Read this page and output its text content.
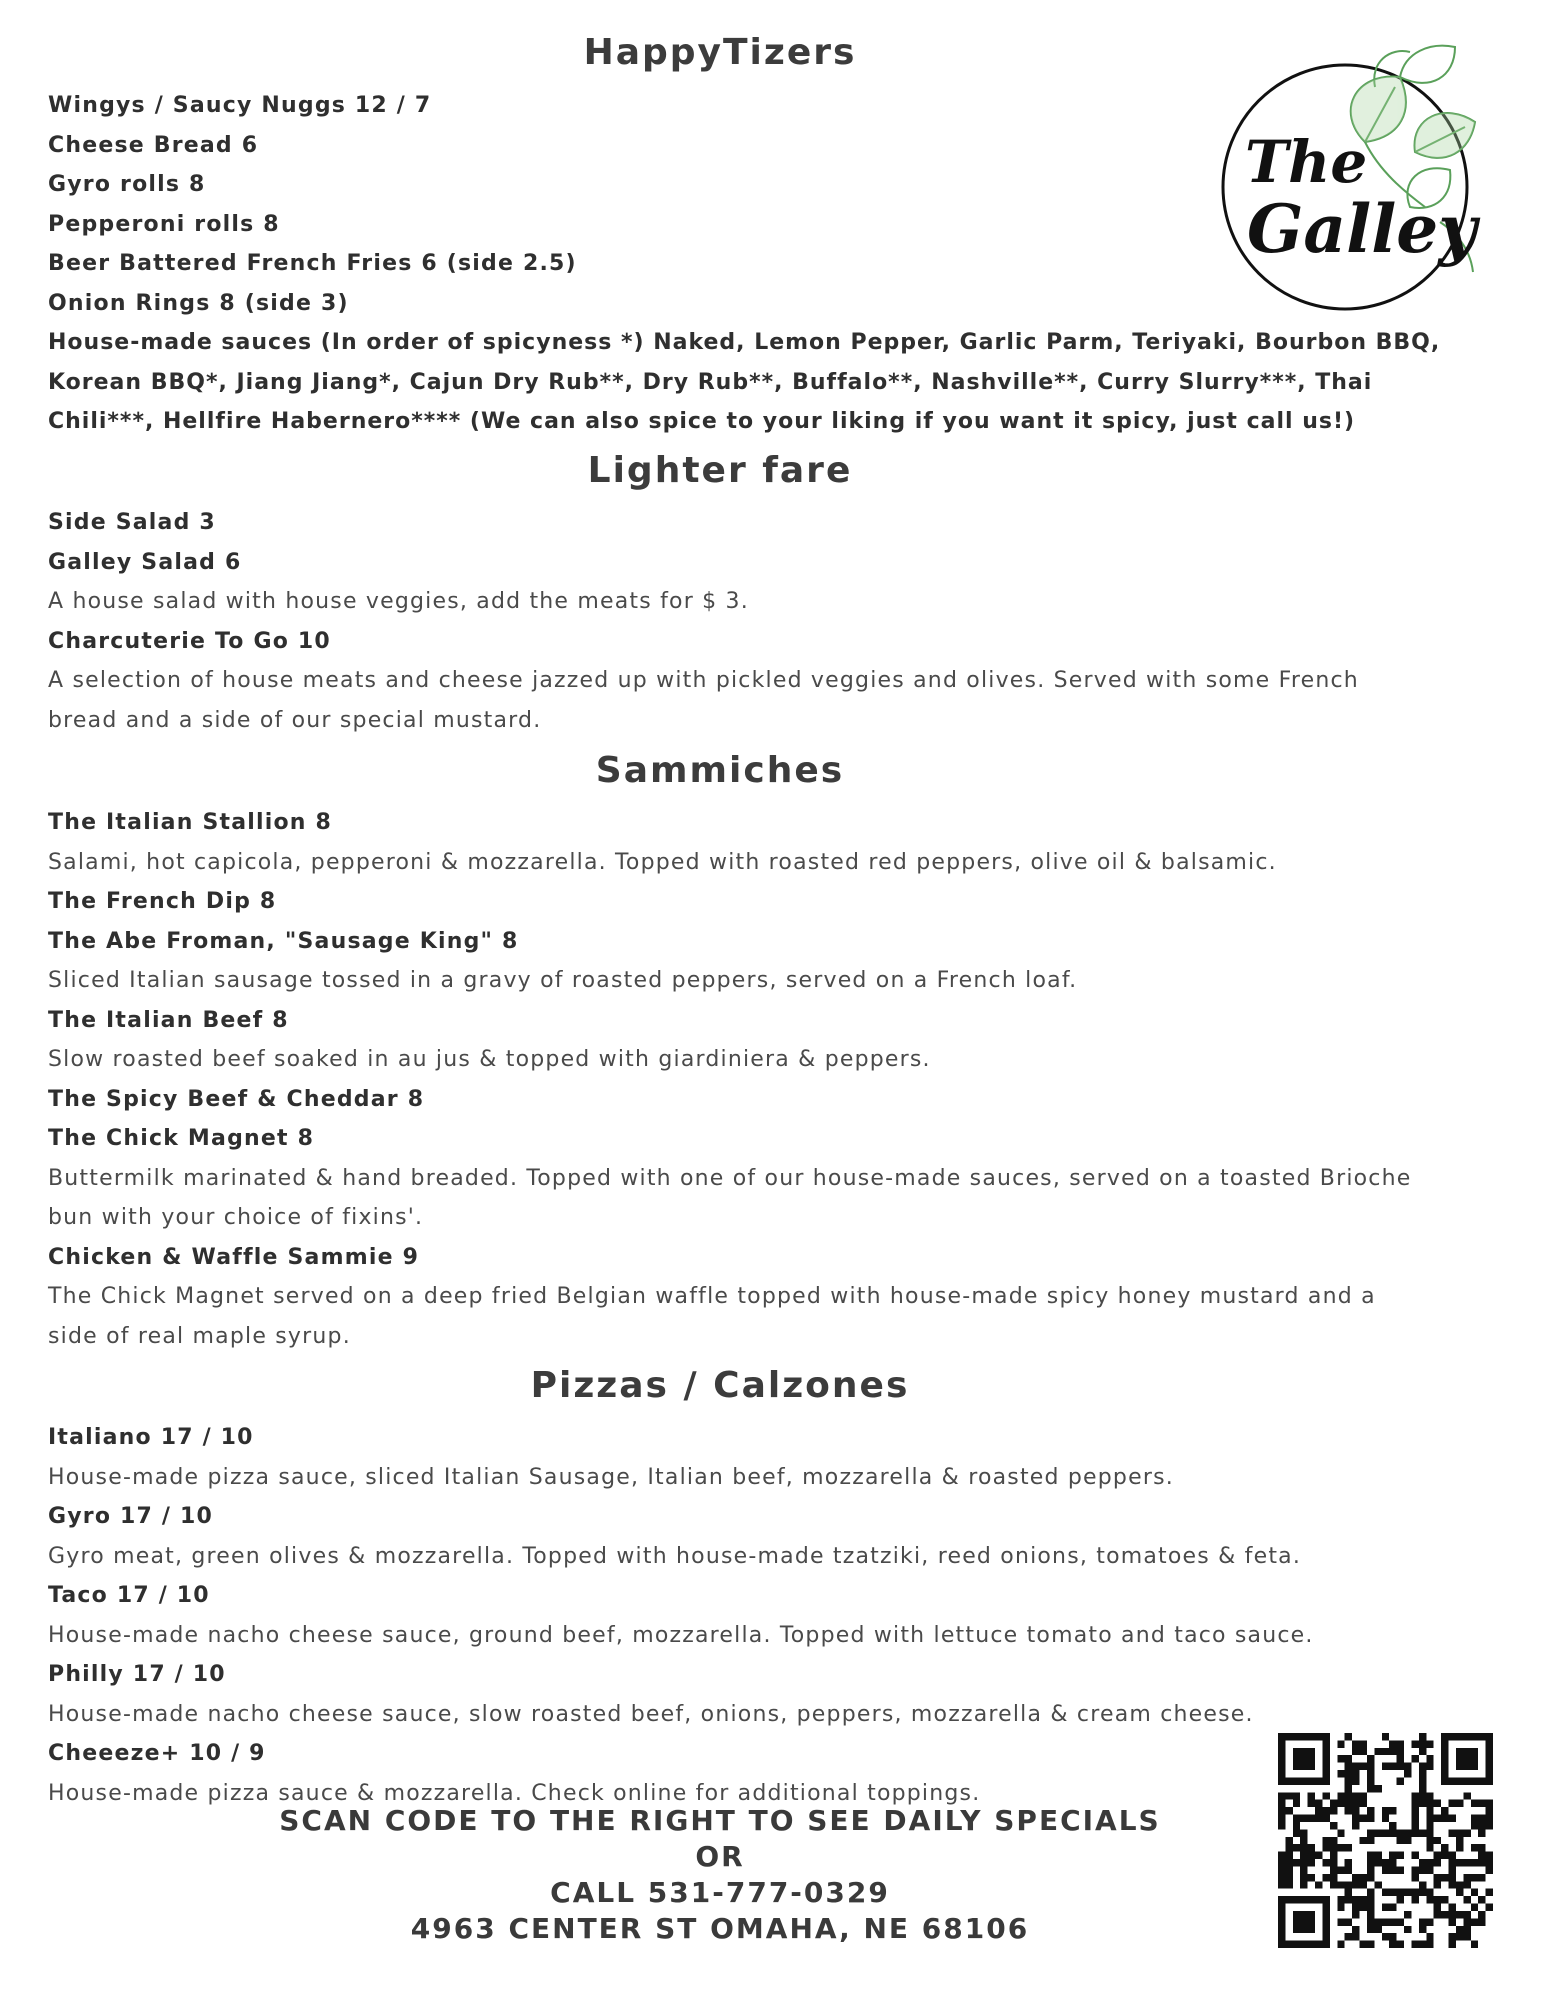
The
Galley
HappyTizers
Wingys / Saucy Nuggs 12 / 7
Cheese Bread 6
Gyro rolls 8
Pepperoni rolls 8
Beer Battered French Fries 6 (side 2.5)
Onion Rings 8 (side 3)
House-made sauces (In order of spicyness *) Naked, Lemon Pepper, Garlic Parm, Teriyaki, Bourbon BBQ,
Korean BBQ*, Jiang Jiang*, Cajun Dry Rub**, Dry Rub**, Buffalo**, Nashville**, Curry Slurry***, Thai
Chili***, Hellfire Habernero**** (We can also spice to your liking if you want it spicy, just call us!)
Lighter fare
Side Salad 3
Galley Salad 6
A house salad with house veggies, add the meats for $ 3.
Charcuterie To Go 10
A selection of house meats and cheese jazzed up with pickled veggies and olives. Served with some French
bread and a side of our special mustard.
Sammiches
The Italian Stallion 8
Salami, hot capicola, pepperoni & mozzarella. Topped with roasted red peppers, olive oil & balsamic.
The French Dip 8
The Abe Froman, "Sausage King" 8
Sliced Italian sausage tossed in a gravy of roasted peppers, served on a French loaf.
The Italian Beef 8
Slow roasted beef soaked in au jus & topped with giardiniera & peppers.
The Spicy Beef & Cheddar 8
The Chick Magnet 8
Buttermilk marinated & hand breaded. Topped with one of our house-made sauces, served on a toasted Brioche
bun with your choice of fixins'.
Chicken & Waffle Sammie 9
The Chick Magnet served on a deep fried Belgian waffle topped with house-made spicy honey mustard and a
side of real maple syrup.
Pizzas / Calzones
Italiano 17 / 10
House-made pizza sauce, sliced Italian Sausage, Italian beef, mozzarella & roasted peppers.
Gyro 17 / 10
Gyro meat, green olives & mozzarella. Topped with house-made tzatziki, reed onions, tomatoes & feta.
Taco 17 / 10
House-made nacho cheese sauce, ground beef, mozzarella. Topped with lettuce tomato and taco sauce.
Philly 17 / 10
House-made nacho cheese sauce, slow roasted beef, onions, peppers, mozzarella & cream cheese.
Cheeeze+ 10 / 9
House-made pizza sauce & mozzarella. Check online for additional toppings.
SCAN CODE TO THE RIGHT TO SEE DAILY SPECIALS
OR
CALL 531-777-0329
4963 CENTER ST OMAHA, NE 68106
